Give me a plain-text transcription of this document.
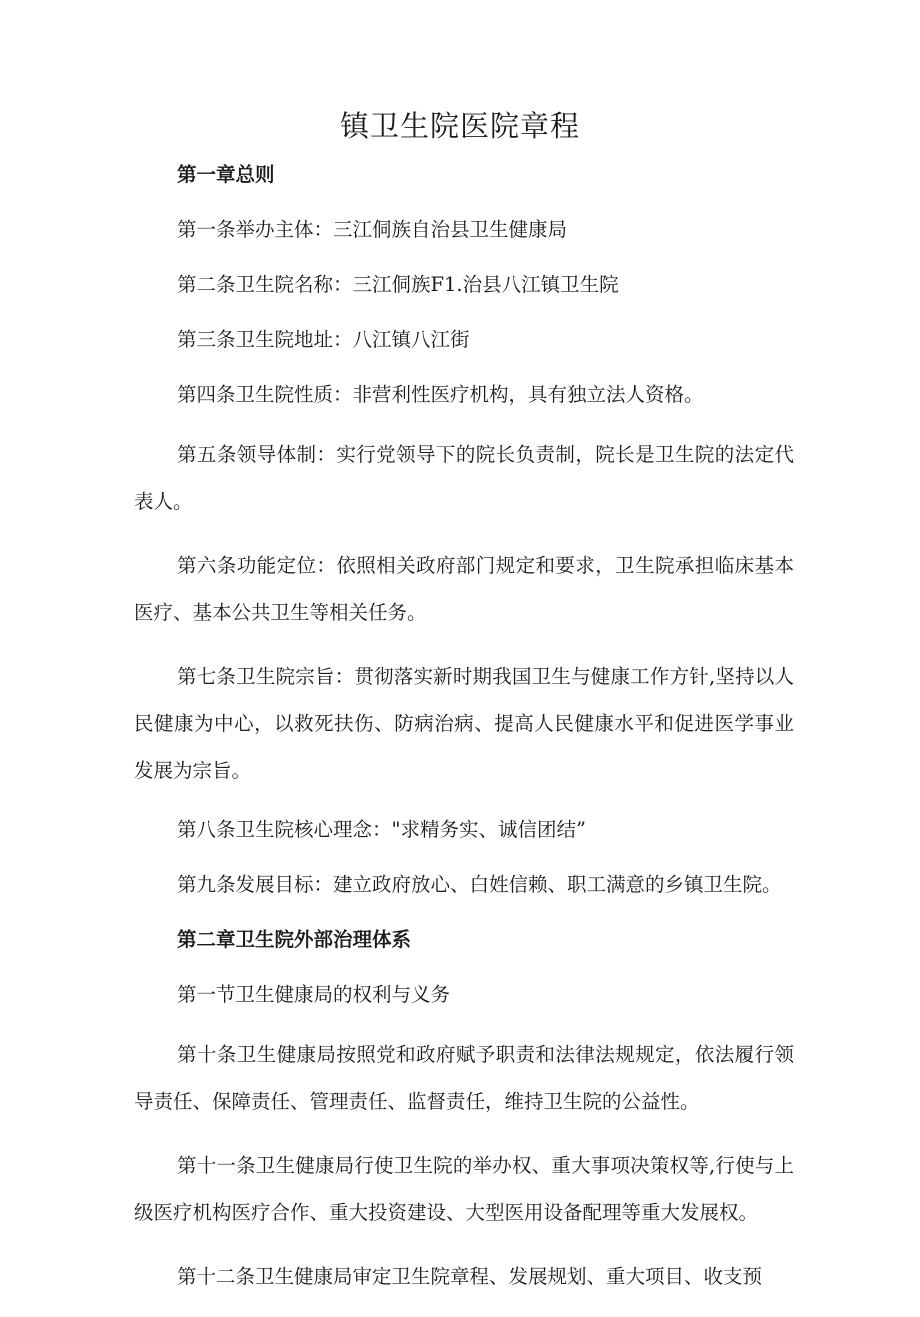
镇卫生院医院章程

第一章总则

第一条举办主体：三江侗族自治县卫生健康局

第二条卫生院名称：三江侗族F1.治县八江镇卫生院

第三条卫生院地址：八江镇八江街

第四条卫生院性质：非营利性医疗机构，具有独立法人资格。

第五条领导体制：实行党领导下的院长负责制，院长是卫生院的法定代表人。

第六条功能定位：依照相关政府部门规定和要求，卫生院承担临床基本医疗、基本公共卫生等相关任务。

第七条卫生院宗旨：贯彻落实新时期我国卫生与健康工作方针,坚持以人民健康为中心，以救死扶伤、防病治病、提高人民健康水平和促进医学事业发展为宗旨。

第八条卫生院核心理念："求精务实、诚信团结”

第九条发展目标：建立政府放心、白姓信赖、职工满意的乡镇卫生院。

第二章卫生院外部治理体系

第一节卫生健康局的权利与义务

第十条卫生健康局按照党和政府赋予职责和法律法规规定，依法履行领导责任、保障责任、管理责任、监督责任，维持卫生院的公益性。

第十一条卫生健康局行使卫生院的举办权、重大事项决策权等,行使与上级医疗机构医疗合作、重大投资建设、大型医用设备配理等重大发展权。

第十二条卫生健康局审定卫生院章程、发展规划、重大项目、收支预
